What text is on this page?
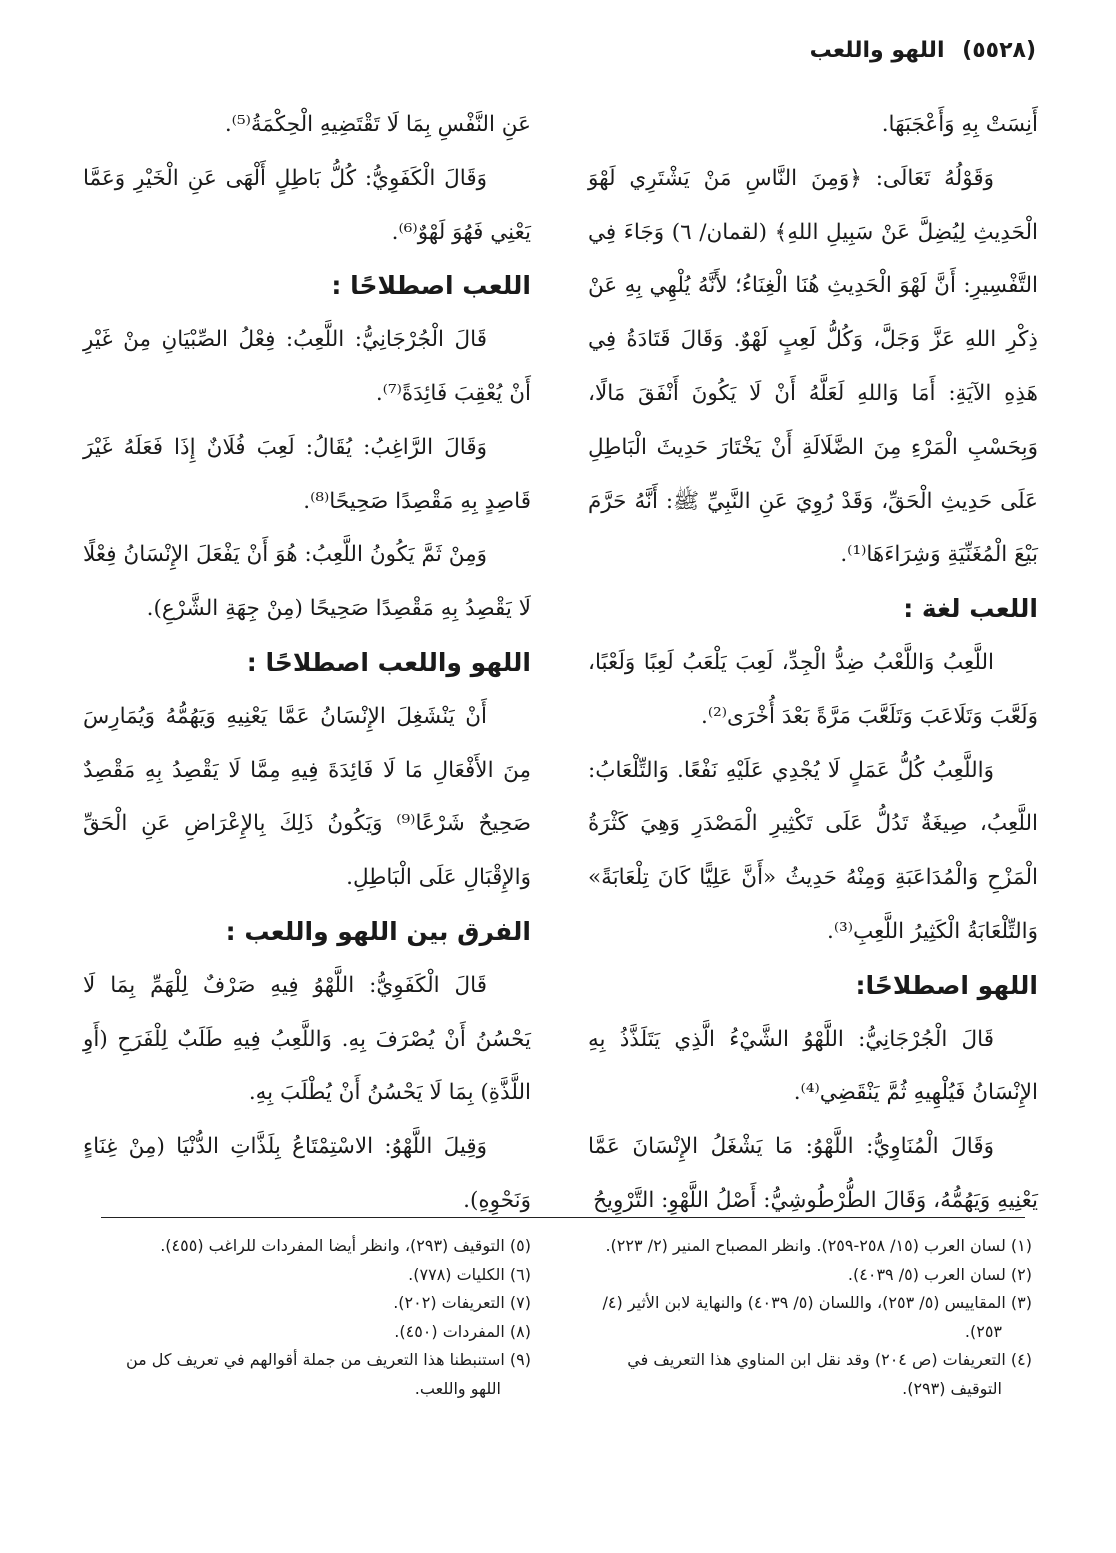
(٥٥٢٨) اللهو واللعب

أَنِسَتْ بِهِ وَأَعْجَبَهَا.

وَقَوْلُهُ تَعَالَى: ﴿وَمِنَ النَّاسِ مَنْ يَشْتَرِي لَهْوَ الْحَدِيثِ لِيُضِلَّ عَنْ سَبِيلِ اللهِ﴾ (لقمان/ ٦) وَجَاءَ فِي التَّفْسِيرِ: أَنَّ لَهْوَ الْحَدِيثِ هُنَا الْغِنَاءُ؛ لأَنَّهُ يُلْهِي بِهِ عَنْ ذِكْرِ اللهِ عَزَّ وَجَلَّ، وَكُلُّ لَعِبٍ لَهْوٌ. وَقَالَ قَتَادَةُ فِي هَذِهِ الآيَةِ: أَمَا وَاللهِ لَعَلَّهُ أَنْ لَا يَكُونَ أَنْفَقَ مَالًا، وَبِحَسْبِ الْمَرْءِ مِنَ الضَّلَالَةِ أَنْ يَخْتَارَ حَدِيثَ الْبَاطِلِ عَلَى حَدِيثِ الْحَقِّ، وَقَدْ رُوِيَ عَنِ النَّبِيِّ ﷺ: أَنَّهُ حَرَّمَ بَيْعَ الْمُغَنِّيَةِ وَشِرَاءَهَا⁽¹⁾.

اللعب لغة :

اللَّعِبُ وَاللَّعْبُ ضِدُّ الْجِدِّ، لَعِبَ يَلْعَبُ لَعِبًا وَلَعْبًا، وَلَعَّبَ وَتَلَاعَبَ وَتَلَعَّبَ مَرَّةً بَعْدَ أُخْرَى⁽²⁾.

وَاللَّعِبُ كُلُّ عَمَلٍ لَا يُجْدِي عَلَيْهِ نَفْعًا. وَالتِّلْعَابُ: اللَّعِبُ، صِيغَةٌ تَدُلُّ عَلَى تَكْثِيرِ الْمَصْدَرِ وَهِيَ كَثْرَةُ الْمَزْحِ وَالْمُدَاعَبَةِ وَمِنْهُ حَدِيثُ «أَنَّ عَلِيًّا كَانَ تِلْعَابَةً» وَالتِّلْعَابَةُ الْكَثِيرُ اللَّعِبِ⁽³⁾.

اللهو اصطلاحًا:

قَالَ الْجُرْجَانِيُّ: اللَّهْوُ الشَّيْءُ الَّذِي يَتَلَذَّذُ بِهِ الإِنْسَانُ فَيُلْهِيهِ ثُمَّ يَنْقَضِي⁽⁴⁾.

وَقَالَ الْمُنَاوِيُّ: اللَّهْوُ: مَا يَشْغَلُ الإِنْسَانَ عَمَّا يَعْنِيهِ وَيَهُمُّهُ، وَقَالَ الطُّرْطُوشِيُّ: أَصْلُ اللَّهْوِ: التَّرْوِيحُ

عَنِ النَّفْسِ بِمَا لَا تَقْتَضِيهِ الْحِكْمَةُ⁽⁵⁾.

وَقَالَ الْكَفَوِيُّ: كُلُّ بَاطِلٍ أَلْهَى عَنِ الْخَيْرِ وَعَمَّا يَعْنِي فَهُوَ لَهْوٌ⁽⁶⁾.

اللعب اصطلاحًا :

قَالَ الْجُرْجَانِيُّ: اللَّعِبُ: فِعْلُ الصِّبْيَانِ مِنْ غَيْرِ أَنْ يُعْقِبَ فَائِدَةً⁽⁷⁾.

وَقَالَ الرَّاغِبُ: يُقَالُ: لَعِبَ فُلَانٌ إِذَا فَعَلَهُ غَيْرَ قَاصِدٍ بِهِ مَقْصِدًا صَحِيحًا⁽⁸⁾.

وَمِنْ ثَمَّ يَكُونُ اللَّعِبُ: هُوَ أَنْ يَفْعَلَ الإِنْسَانُ فِعْلًا لَا يَقْصِدُ بِهِ مَقْصِدًا صَحِيحًا (مِنْ جِهَةِ الشَّرْعِ).

اللهو واللعب اصطلاحًا :

أَنْ يَنْشَغِلَ الإِنْسَانُ عَمَّا يَعْنِيهِ وَيَهُمُّهُ وَيُمَارِسَ مِنَ الأَفْعَالِ مَا لَا فَائِدَةَ فِيهِ مِمَّا لَا يَقْصِدُ بِهِ مَقْصِدٌ صَحِيحٌ شَرْعًا⁽⁹⁾ وَيَكُونُ ذَلِكَ بِالإِعْرَاضِ عَنِ الْحَقِّ وَالإِقْبَالِ عَلَى الْبَاطِلِ.

الفرق بين اللهو واللعب :

قَالَ الْكَفَوِيُّ: اللَّهْوُ فِيهِ صَرْفٌ لِلْهَمِّ بِمَا لَا يَحْسُنُ أَنْ يُصْرَفَ بِهِ. وَاللَّعِبُ فِيهِ طَلَبٌ لِلْفَرَحِ (أَوِ اللَّذَّةِ) بِمَا لَا يَحْسُنُ أَنْ يُطْلَبَ بِهِ.

وَقِيلَ اللَّهْوُ: الاسْتِمْتَاعُ بِلَذَّاتِ الدُّنْيَا (مِنْ غِنَاءٍ وَنَحْوِهِ).

(١) لسان العرب (١٥/ ٢٥٨-٢٥٩). وانظر المصباح المنير (٢/ ٢٢٣).

(٢) لسان العرب (٥/ ٤٠٣٩).

(٣) المقاييس (٥/ ٢٥٣)، واللسان (٥/ ٤٠٣٩) والنهاية لابن الأثير (٤/ ٢٥٣).

(٤) التعريفات (ص ٢٠٤) وقد نقل ابن المناوي هذا التعريف في التوقيف (٢٩٣).

(٥) التوقيف (٢٩٣)، وانظر أيضا المفردات للراغب (٤٥٥).

(٦) الكليات (٧٧٨).

(٧) التعريفات (٢٠٢).

(٨) المفردات (٤٥٠).

(٩) استنبطنا هذا التعريف من جملة أقوالهم في تعريف كل من اللهو واللعب.
